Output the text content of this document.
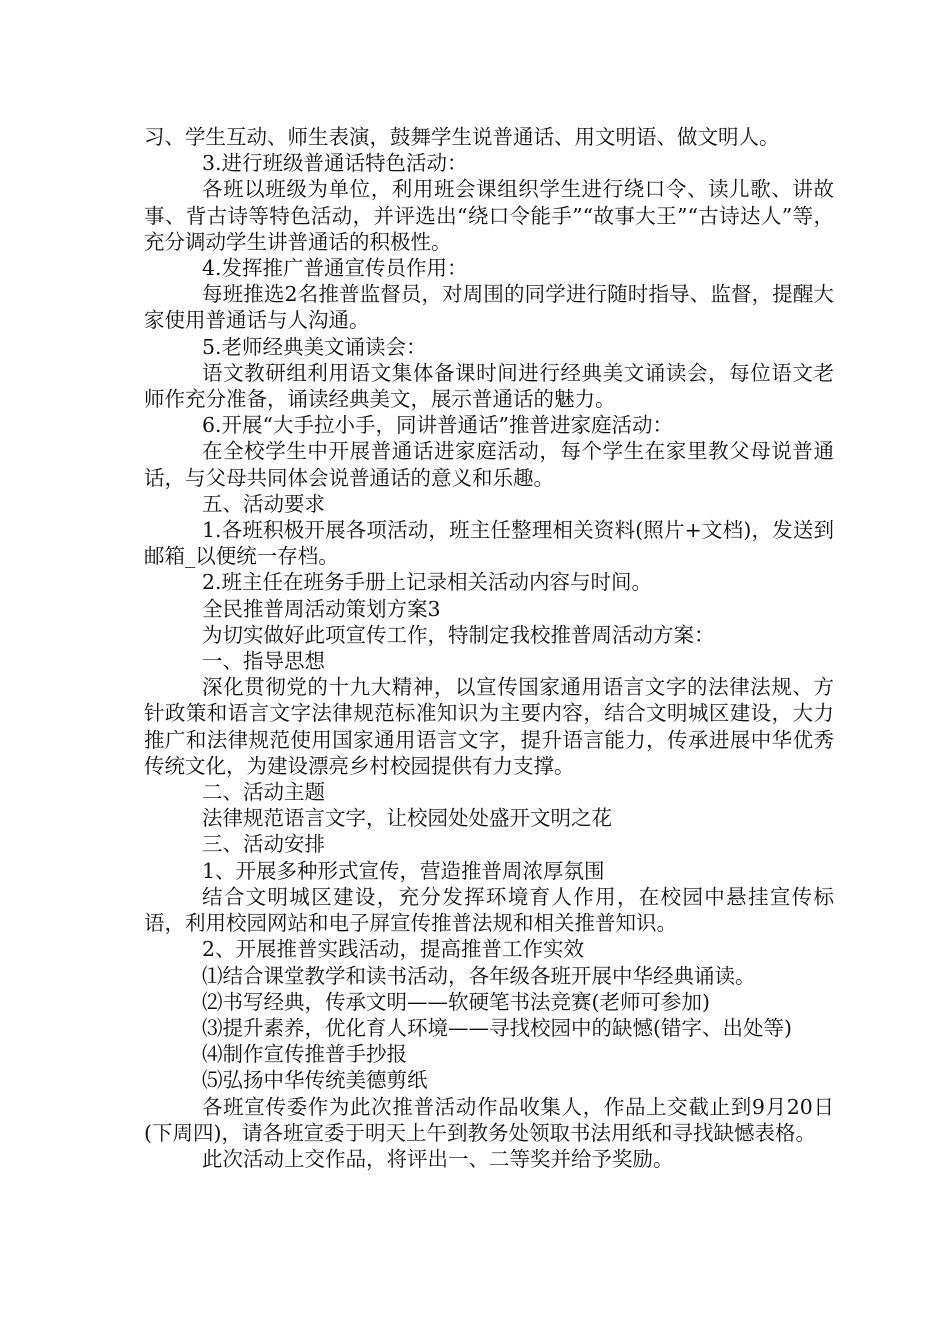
习、学生互动、师生表演，鼓舞学生说普通话、用文明语、做文明人。

3.进行班级普通话特色活动：

各班以班级为单位，利用班会课组织学生进行绕口令、读儿歌、讲故事、背古诗等特色活动，并评选出“绕口令能手”“故事大王”“古诗达人”等，充分调动学生讲普通话的积极性。

4.发挥推广普通宣传员作用：

每班推选2名推普监督员，对周围的同学进行随时指导、监督，提醒大家使用普通话与人沟通。

5.老师经典美文诵读会：

语文教研组利用语文集体备课时间进行经典美文诵读会，每位语文老师作充分准备，诵读经典美文，展示普通话的魅力。

6.开展“大手拉小手，同讲普通话”推普进家庭活动：

在全校学生中开展普通话进家庭活动，每个学生在家里教父母说普通话，与父母共同体会说普通话的意义和乐趣。

五、活动要求

1.各班积极开展各项活动，班主任整理相关资料(照片+文档)，发送到邮箱_以便统一存档。

2.班主任在班务手册上记录相关活动内容与时间。

全民推普周活动策划方案3

为切实做好此项宣传工作，特制定我校推普周活动方案：

一、指导思想

深化贯彻党的十九大精神，以宣传国家通用语言文字的法律法规、方针政策和语言文字法律规范标准知识为主要内容，结合文明城区建设，大力推广和法律规范使用国家通用语言文字，提升语言能力，传承进展中华优秀传统文化，为建设漂亮乡村校园提供有力支撑。

二、活动主题

法律规范语言文字，让校园处处盛开文明之花

三、活动安排

1、开展多种形式宣传，营造推普周浓厚氛围

结合文明城区建设，充分发挥环境育人作用，在校园中悬挂宣传标语，利用校园网站和电子屏宣传推普法规和相关推普知识。

2、开展推普实践活动，提高推普工作实效

⑴结合课堂教学和读书活动，各年级各班开展中华经典诵读。

⑵书写经典，传承文明——软硬笔书法竞赛(老师可参加)

⑶提升素养，优化育人环境——寻找校园中的缺憾(错字、出处等)

⑷制作宣传推普手抄报

⑸弘扬中华传统美德剪纸

各班宣传委作为此次推普活动作品收集人，作品上交截止到9月20日(下周四)，请各班宣委于明天上午到教务处领取书法用纸和寻找缺憾表格。

此次活动上交作品，将评出一、二等奖并给予奖励。
